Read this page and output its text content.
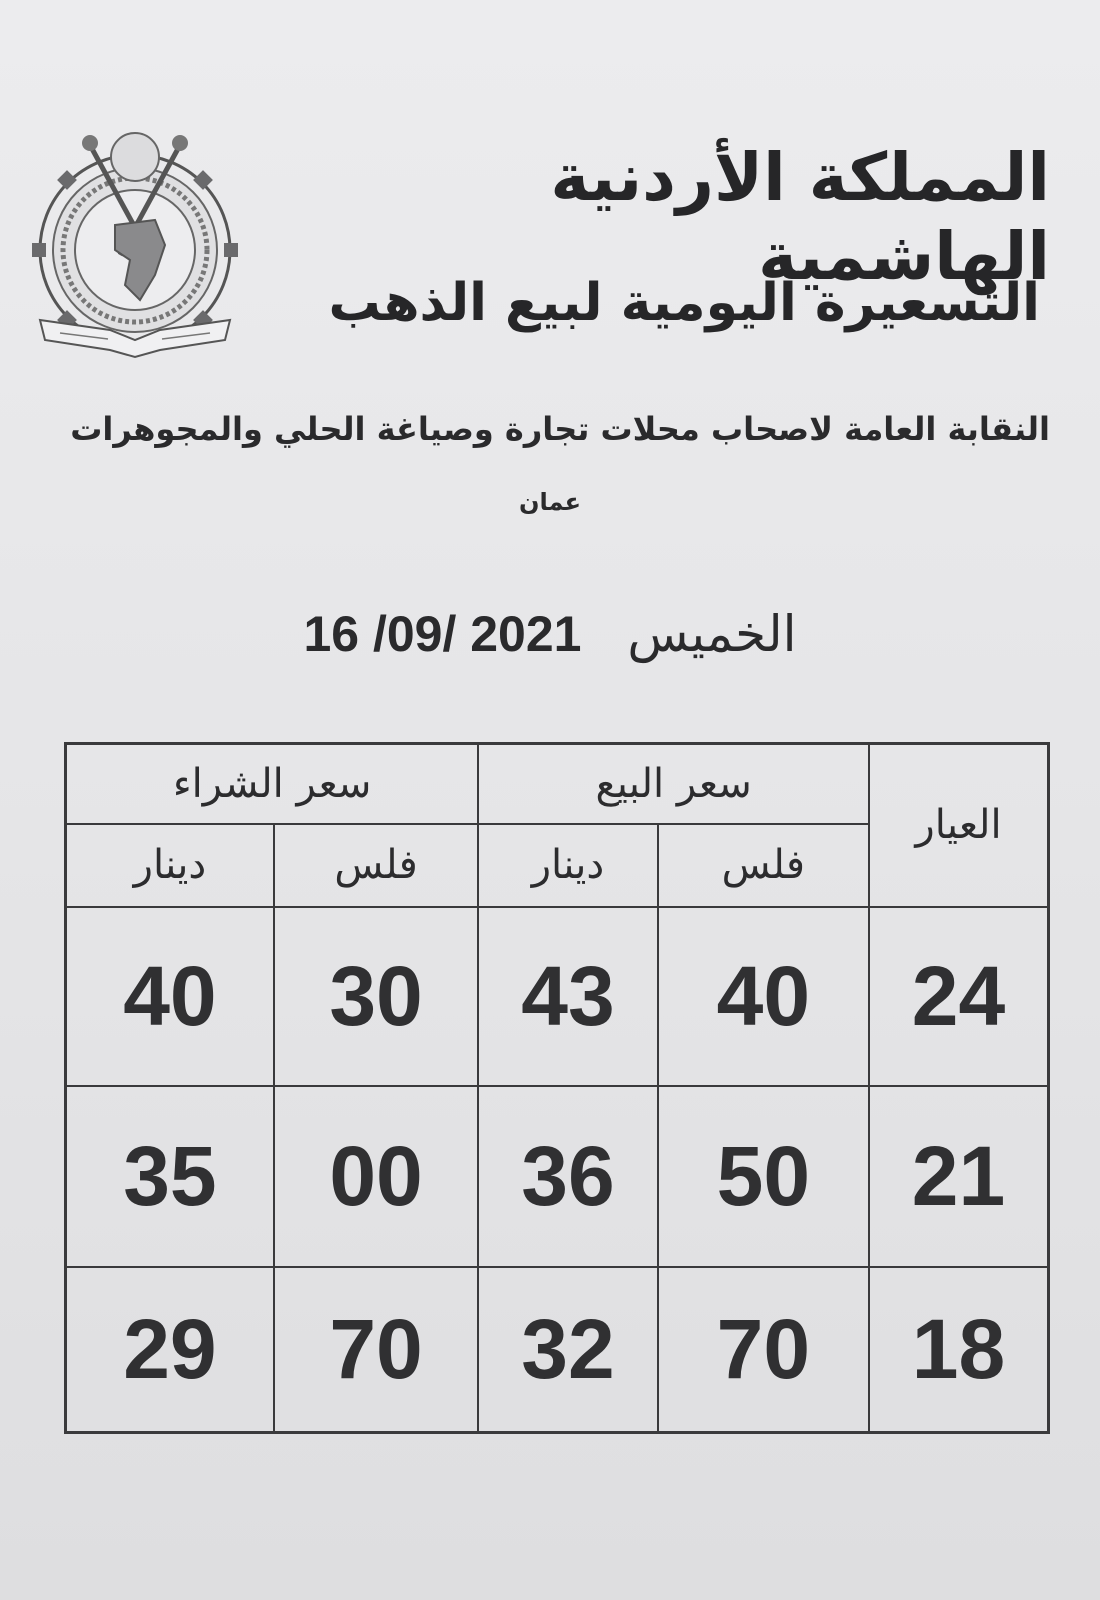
المملكة الأردنية الهاشمية
التسعيرة اليومية لبيع الذهب
النقابة العامة لاصحاب محلات تجارة وصياغة الحلي والمجوهرات
عمان
الخميس 16 /09/ 2021
العيار	سعر البيع		سعر الشراء	
	فلس	دينار	فلس	دينار
24	40	43	30	40
21	50	36	00	35
18	70	32	70	29
